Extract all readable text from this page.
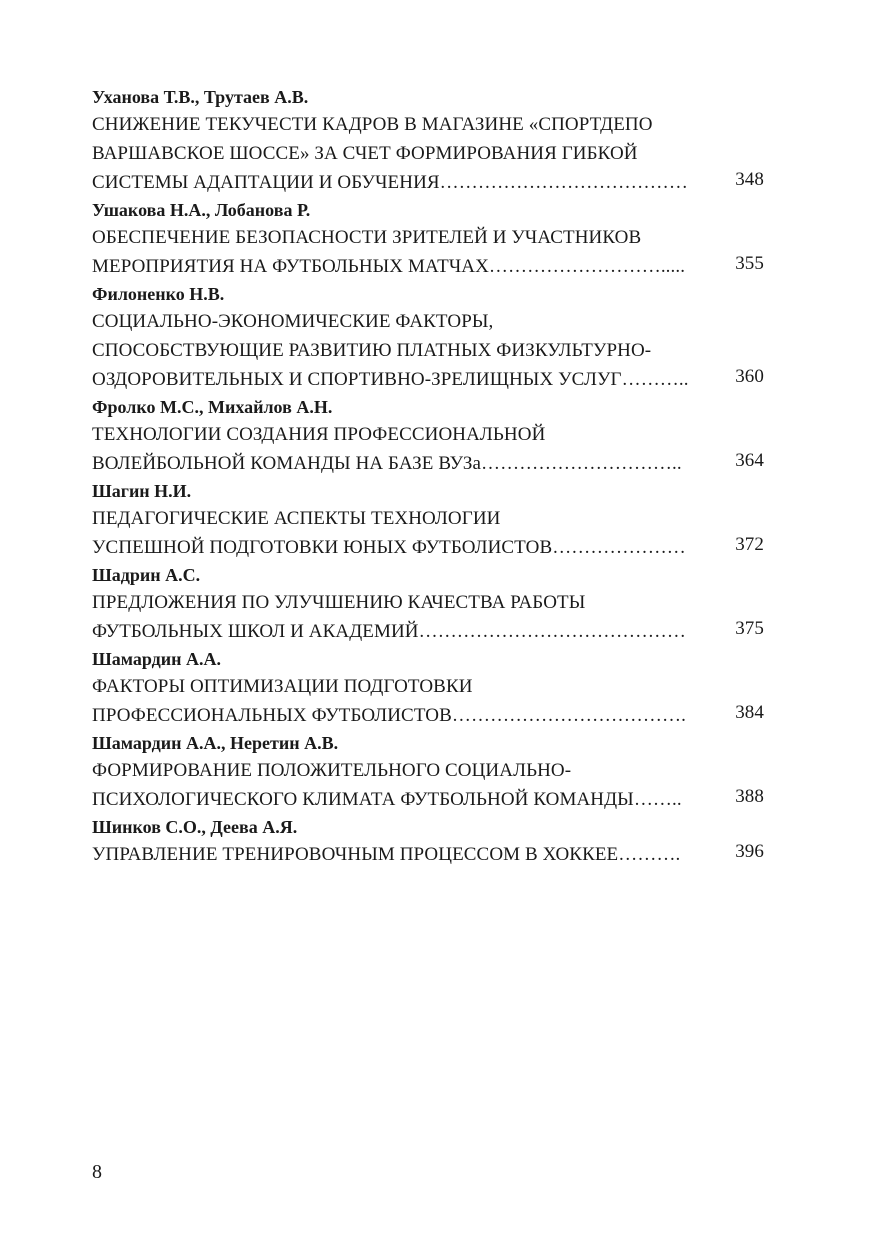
Уханова Т.В., Трутаев А.В.
СНИЖЕНИЕ ТЕКУЧЕСТИ КАДРОВ В МАГАЗИНЕ «СПОРТДЕПО
ВАРШАВСКОЕ ШОССЕ» ЗА СЧЕТ ФОРМИРОВАНИЯ ГИБКОЙ
СИСТЕМЫ АДАПТАЦИИ И ОБУЧЕНИЯ………………………………… 348
Ушакова Н.А., Лобанова Р.
ОБЕСПЕЧЕНИЕ БЕЗОПАСНОСТИ ЗРИТЕЛЕЙ И УЧАСТНИКОВ
МЕРОПРИЯТИЯ НА ФУТБОЛЬНЫХ МАТЧАХ……………………….....	355
Филоненко Н.В.
СОЦИАЛЬНО-ЭКОНОМИЧЕСКИЕ ФАКТОРЫ,
СПОСОБСТВУЮЩИЕ РАЗВИТИЮ ПЛАТНЫХ ФИЗКУЛЬТУРНО-
ОЗДОРОВИТЕЛЬНЫХ И СПОРТИВНО-ЗРЕЛИЩНЫХ УСЛУГ……….. 360
Фролко М.С., Михайлов А.Н.
ТЕХНОЛОГИИ СОЗДАНИЯ ПРОФЕССИОНАЛЬНОЙ
ВОЛЕЙБОЛЬНОЙ КОМАНДЫ НА БАЗЕ ВУЗа…………………………..	364
Шагин Н.И.
ПЕДАГОГИЧЕСКИЕ АСПЕКТЫ ТЕХНОЛОГИИ
УСПЕШНОЙ ПОДГОТОВКИ ЮНЫХ ФУТБОЛИСТОВ…………………	372
Шадрин А.С.
ПРЕДЛОЖЕНИЯ ПО УЛУЧШЕНИЮ КАЧЕСТВА РАБОТЫ
ФУТБОЛЬНЫХ ШКОЛ И АКАДЕМИЙ……………………………………	375
Шамардин А.А.
ФАКТОРЫ ОПТИМИЗАЦИИ ПОДГОТОВКИ
ПРОФЕССИОНАЛЬНЫХ ФУТБОЛИСТОВ……………………………….	384
Шамардин А.А., Неретин А.В.
ФОРМИРОВАНИЕ ПОЛОЖИТЕЛЬНОГО СОЦИАЛЬНО-
ПСИХОЛОГИЧЕСКОГО КЛИМАТА ФУТБОЛЬНОЙ КОМАНДЫ……..	388
Шинков С.О., Деева А.Я.
УПРАВЛЕНИЕ ТРЕНИРОВОЧНЫМ ПРОЦЕССОМ В ХОККЕЕ……….	396
8
